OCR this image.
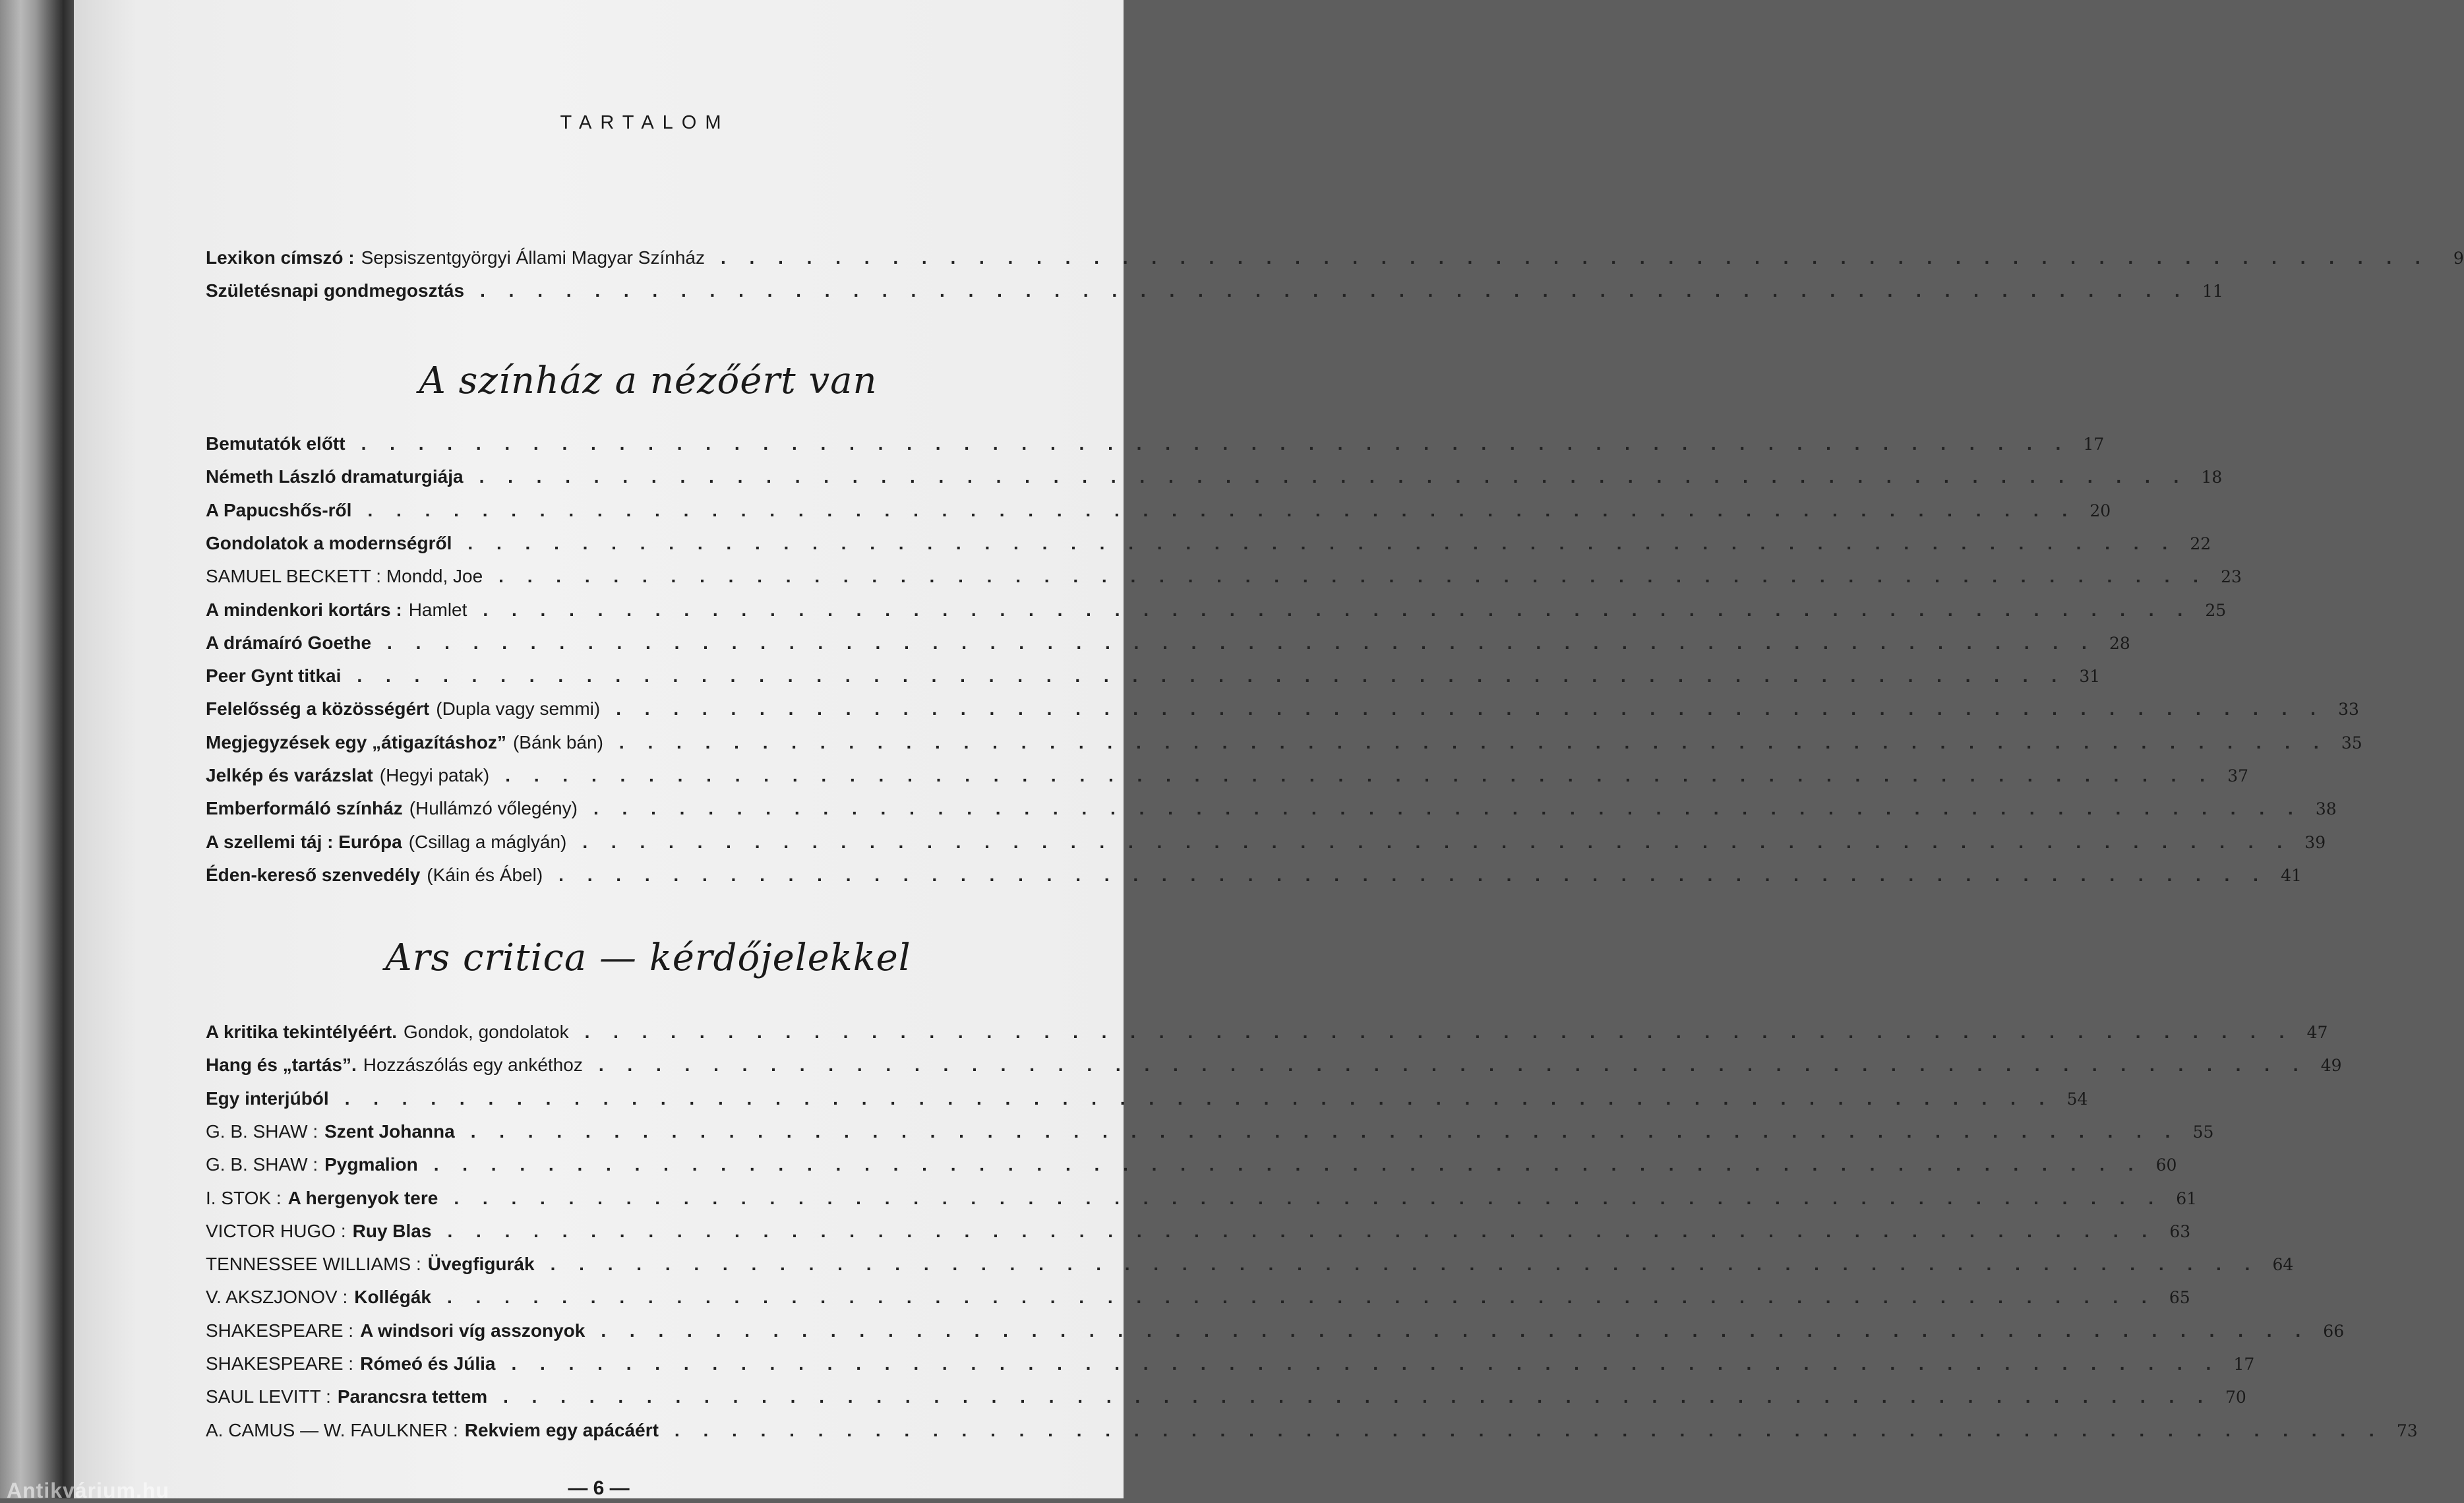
TARTALOM
Lexikon címszó : Sepsiszentgyörgyi Állami Magyar Színház . . . . . . . . . . . . . . . . . . . . . . . . . . . . . . . . . . . . . . . . . . . . . . . . . . . . . . . . . . . .	9
Születésnapi gondmegosztás . . . . . . . . . . . . . . . . . . . . . . . . . . . . . . . . . . . . . . . . . . . . . . . . . . . . . . . . . . . . 11
A színház a nézőért van
Bemutatók előtt . . . . . . . . . . . . . . . . . . . . . . . . . . . . . . . . . . . . . . . . . . . . . . . . . . . . . . . . . . . . 17
Németh László dramaturgiája . . . . . . . . . . . . . . . . . . . . . . . . . . . . . . . . . . . . . . . . . . . . . . . . . . . . . . . . . . . . 18
A Papucshős-ről . . . . . . . . . . . . . . . . . . . . . . . . . . . . . . . . . . . . . . . . . . . . . . . . . . . . . . . . . . . . 20
Gondolatok a modernségről . . . . . . . . . . . . . . . . . . . . . . . . . . . . . . . . . . . . . . . . . . . . . . . . . . . . . . . . . . . . 22
SAMUEL BECKETT : Mondd, Joe . . . . . . . . . . . . . . . . . . . . . . . . . . . . . . . . . . . . . . . . . . . . . . . . . . . . . . . . . . . . 23
A mindenkori kortárs : Hamlet . . . . . . . . . . . . . . . . . . . . . . . . . . . . . . . . . . . . . . . . . . . . . . . . . . . . . . . . . . . . 25
A drámaíró Goethe . . . . . . . . . . . . . . . . . . . . . . . . . . . . . . . . . . . . . . . . . . . . . . . . . . . . . . . . . . . . 28
Peer Gynt titkai . . . . . . . . . . . . . . . . . . . . . . . . . . . . . . . . . . . . . . . . . . . . . . . . . . . . . . . . . . . . 31
Felelősség a közösségért (Dupla vagy semmi) . . . . . . . . . . . . . . . . . . . . . . . . . . . . . . . . . . . . . . . . . . . . . . . . . . . . . . . . . . . . 33
Megjegyzések egy „átigazításhoz” (Bánk bán) . . . . . . . . . . . . . . . . . . . . . . . . . . . . . . . . . . . . . . . . . . . . . . . . . . . . . . . . . . . . 35
Jelkép és varázslat (Hegyi patak) . . . . . . . . . . . . . . . . . . . . . . . . . . . . . . . . . . . . . . . . . . . . . . . . . . . . . . . . . . . . 37
Emberformáló színház (Hullámzó vőlegény) . . . . . . . . . . . . . . . . . . . . . . . . . . . . . . . . . . . . . . . . . . . . . . . . . . . . . . . . . . . . 38
A szellemi táj : Európa (Csillag a máglyán) . . . . . . . . . . . . . . . . . . . . . . . . . . . . . . . . . . . . . . . . . . . . . . . . . . . . . . . . . . . . 39
Éden-kereső szenvedély (Káin és Ábel) . . . . . . . . . . . . . . . . . . . . . . . . . . . . . . . . . . . . . . . . . . . . . . . . . . . . . . . . . . . . 41
Ars critica — kérdőjelekkel
A kritika tekintélyéért. Gondok, gondolatok . . . . . . . . . . . . . . . . . . . . . . . . . . . . . . . . . . . . . . . . . . . . . . . . . . . . . . . . . . . . 47
Hang és „tartás”. Hozzászólás egy ankéthoz . . . . . . . . . . . . . . . . . . . . . . . . . . . . . . . . . . . . . . . . . . . . . . . . . . . . . . . . . . . . 49
Egy interjúból . . . . . . . . . . . . . . . . . . . . . . . . . . . . . . . . . . . . . . . . . . . . . . . . . . . . . . . . . . . . 54
G. B. SHAW : Szent Johanna . . . . . . . . . . . . . . . . . . . . . . . . . . . . . . . . . . . . . . . . . . . . . . . . . . . . . . . . . . . . 55
G. B. SHAW : Pygmalion . . . . . . . . . . . . . . . . . . . . . . . . . . . . . . . . . . . . . . . . . . . . . . . . . . . . . . . . . . . . 60
I. STOK : A hergenyok tere . . . . . . . . . . . . . . . . . . . . . . . . . . . . . . . . . . . . . . . . . . . . . . . . . . . . . . . . . . . . 61
VICTOR HUGO : Ruy Blas . . . . . . . . . . . . . . . . . . . . . . . . . . . . . . . . . . . . . . . . . . . . . . . . . . . . . . . . . . . . 63
TENNESSEE WILLIAMS : Üvegfigurák . . . . . . . . . . . . . . . . . . . . . . . . . . . . . . . . . . . . . . . . . . . . . . . . . . . . . . . . . . . . 64
V. AKSZJONOV : Kollégák . . . . . . . . . . . . . . . . . . . . . . . . . . . . . . . . . . . . . . . . . . . . . . . . . . . . . . . . . . . . 65
SHAKESPEARE : A windsori víg asszonyok . . . . . . . . . . . . . . . . . . . . . . . . . . . . . . . . . . . . . . . . . . . . . . . . . . . . . . . . . . . . 66
SHAKESPEARE : Rómeó és Júlia . . . . . . . . . . . . . . . . . . . . . . . . . . . . . . . . . . . . . . . . . . . . . . . . . . . . . . . . . . . . 17
SAUL LEVITT : Parancsra tettem . . . . . . . . . . . . . . . . . . . . . . . . . . . . . . . . . . . . . . . . . . . . . . . . . . . . . . . . . . . . 70
A. CAMUS — W. FAULKNER : Rekviem egy apácáért . . . . . . . . . . . . . . . . . . . . . . . . . . . . . . . . . . . . . . . . . . . . . . . . . . . . . . . . . . . . 73
— 6 —
Antikvárium.hu
